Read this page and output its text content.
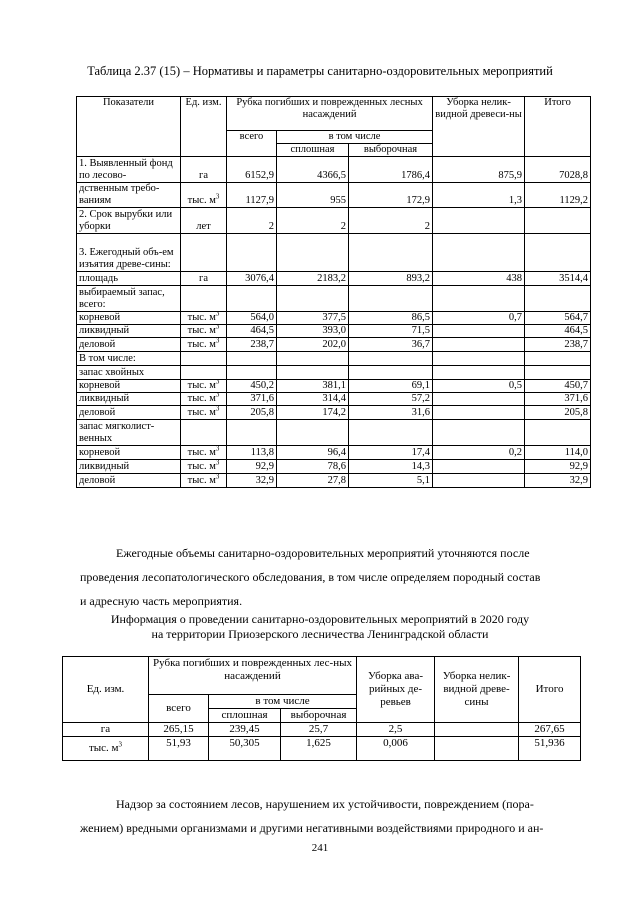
Таблица 2.37 (15) – Нормативы и параметры санитарно-оздоровительных мероприятий
Показатели	Ед. изм.	Рубка погибших и поврежденных лесных насаждений			Уборка нелик-видной древеси-ны	Итого
		всего	в том числе			
			сплошная	выборочная		
1. Выявленный фонд по лесово-	га	6152,9	4366,5	1786,4	875,9	7028,8
дственным требо-ваниям	тыс. $м^3$	1127,9	955	172,9	1,3	1129,2
2. Срок вырубки или уборки	лет	2	2	2		
3. Ежегодный объ-ем изъятия древе-сины:						
площадь	га	3076,4	2183,2	893,2	438	3514,4
выбираемый запас, всего:						
корневой	тыс. $м^3$	564,0	377,5	86,5	0,7	564,7
ликвидный	тыс. $м^3$	464,5	393,0	71,5		464,5
деловой	тыс. $м^3$	238,7	202,0	36,7		238,7
В том числе:						
запас хвойных						
корневой	тыс. $м^3$	450,2	381,1	69,1	0,5	450,7
ликвидный	тыс. $м^3$	371,6	314,4	57,2		371,6
деловой	тыс. $м^3$	205,8	174,2	31,6		205,8
запас мягколист-венных						
корневой	тыс. $м^3$	113,8	96,4	17,4	0,2	114,0
ликвидный	тыс. $м^3$	92,9	78,6	14,3		92,9
деловой	тыс. $м^3$	32,9	27,8	5,1		32,9
Ежегодные объемы санитарно-оздоровительных мероприятий уточняются после
проведения лесопатологического обследования, в том числе определяем породный состав
и адресную часть мероприятия.
Информация о проведении санитарно-оздоровительных мероприятий в 2020 году
на территории Приозерского лесничества Ленинградской области
Ед. изм.	Рубка погибших и поврежденных лес-ных насаждений			Уборка ава-рийных де-ревьев	Уборка нелик-видной древе-сины	Итого
	всего	в том числе				
		сплошная	выборочная			
га	265,15	239,45	25,7	2,5		267,65
тыс. $м^3$	51,93	50,305	1,625	0,006		51,936
Надзор за состоянием лесов, нарушением их устойчивости, повреждением (пора-
жением) вредными организмами и другими негативными воздействиями природного и ан-
241
